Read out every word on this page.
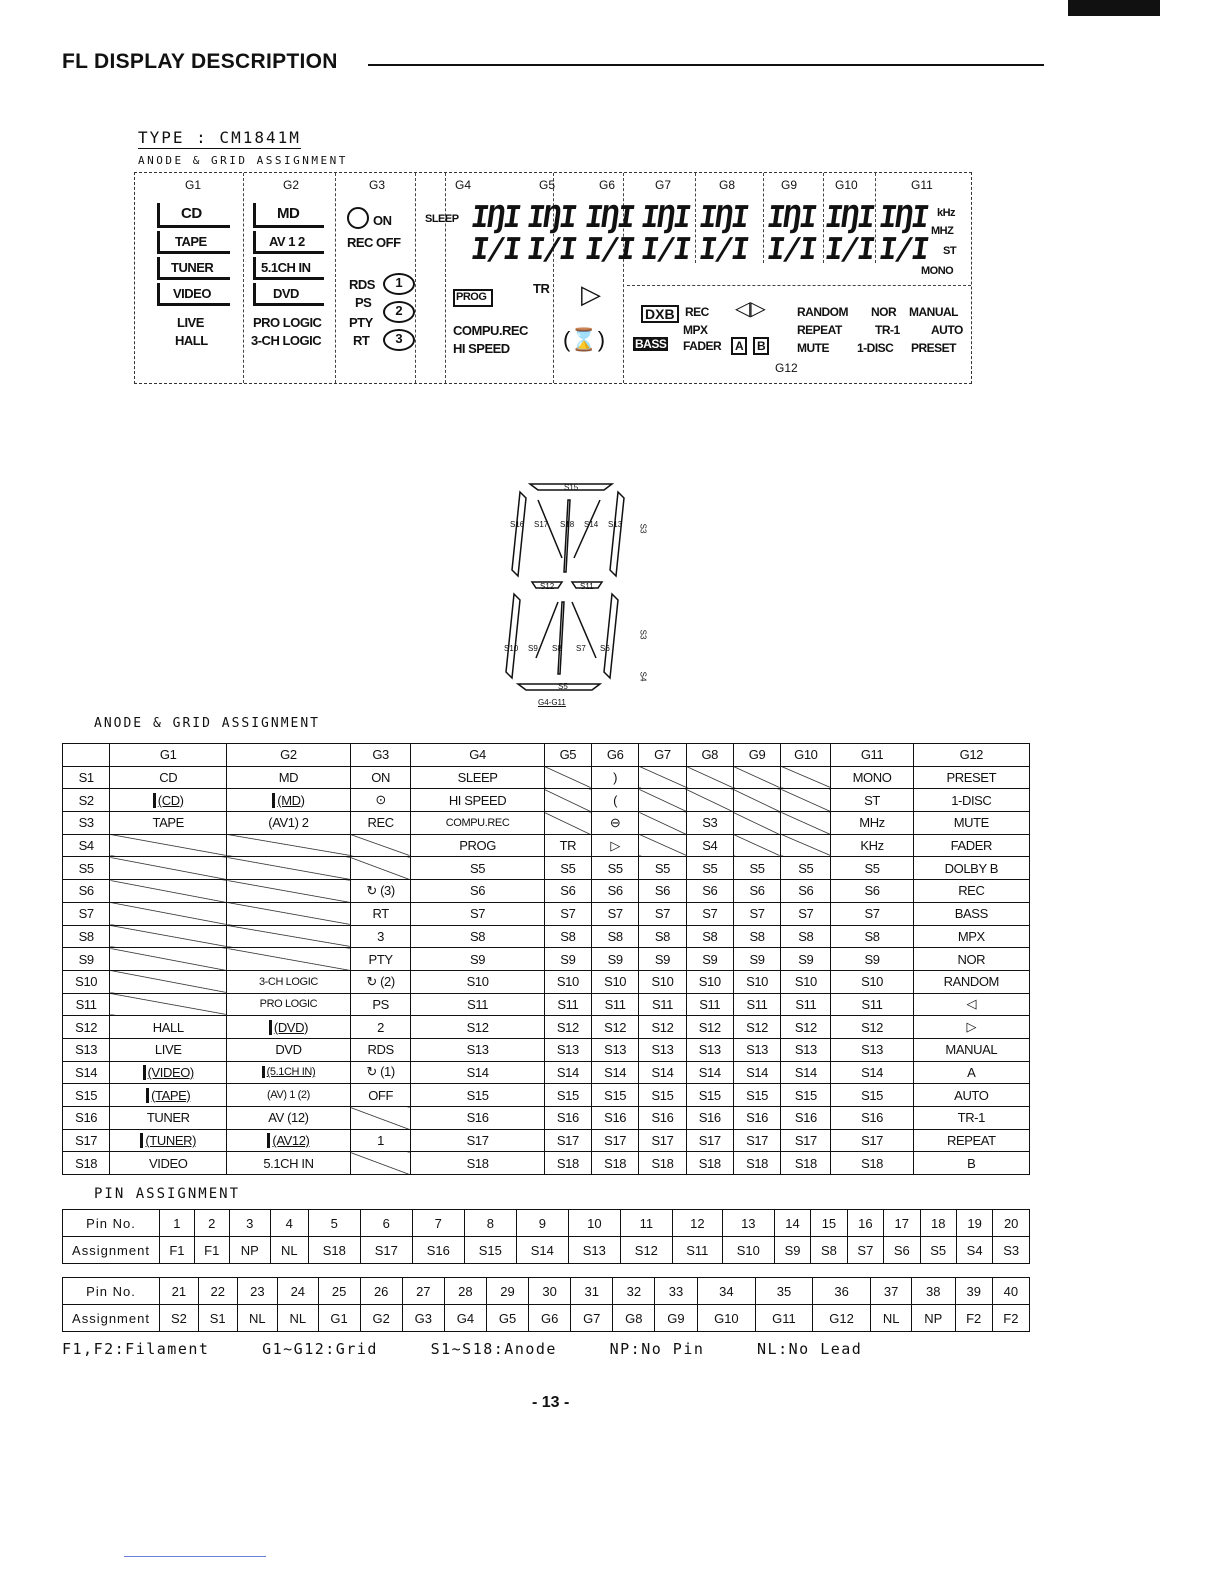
FL DISPLAY DESCRIPTION
TYPE : CM1841M
ANODE & GRID ASSIGNMENT
G1	G2	G3	G4	G5	G6	G7	G8	G9	G10	G11
CD
TAPE
TUNER
VIDEO
LIVE
HALL
MD
AV 1 2
5.1CH IN
DVD
PRO LOGIC
3-CH LOGIC
ON
REC OFF
RDS
PS
PTY
RT
1
2
3
SLEEP
PROG
COMPU.REC
HI SPEED
TR ▷
(⌛)
IŊI
I∕I
IŊI
I∕I
IŊI
I∕I
IŊI
I∕I
IŊI
I∕I
IŊI
I∕I
IŊI
I∕I
IŊI
I∕I
kHz
MHZ
ST
MONO
DXB REC ◁▷	RANDOM NOR MANUAL
MPX	REPEAT	TR-1	AUTO
BASS FADER	A	B	MUTE 1-DISC PRESET
G12
S15
S16 S17 S18 S14 S13
S12	S11
S10 S9 S8 S7 S6
S5
S3
S3
S4
G4-G11
ANODE & GRID ASSIGNMENT
	G1	G2	G3	G4	G5	G6	G7	G8	G9	G10	G11	G12
S1	CD	MD	ON	SLEEP		)					MONO	PRESET
S2	(CD)	(MD)	⊙	HI SPEED		(					ST	1-DISC
S3	TAPE	(AV1) 2	REC	COMPU.REC		⊖		S3			MHz	MUTE
S4				PROG	TR	▷		S4			KHz	FADER
S5				S5	S5	S5	S5	S5	S5	S5	S5	DOLBY B
S6			↻ (3)	S6	S6	S6	S6	S6	S6	S6	S6	REC
S7			RT	S7	S7	S7	S7	S7	S7	S7	S7	BASS
S8			3	S8	S8	S8	S8	S8	S8	S8	S8	MPX
S9			PTY	S9	S9	S9	S9	S9	S9	S9	S9	NOR
S10		3-CH LOGIC	↻ (2)	S10	S10	S10	S10	S10	S10	S10	S10	RANDOM
S11		PRO LOGIC	PS	S11	S11	S11	S11	S11	S11	S11	S11	◁
S12	HALL	(DVD)	2	S12	S12	S12	S12	S12	S12	S12	S12	▷
S13	LIVE	DVD	RDS	S13	S13	S13	S13	S13	S13	S13	S13	MANUAL
S14	(VIDEO)	(5.1CH IN)	↻ (1)	S14	S14	S14	S14	S14	S14	S14	S14	A
S15	(TAPE)	(AV) 1 (2)	OFF	S15	S15	S15	S15	S15	S15	S15	S15	AUTO
S16	TUNER	AV (12)		S16	S16	S16	S16	S16	S16	S16	S16	TR-1
S17	(TUNER)	(AV12)	1	S17	S17	S17	S17	S17	S17	S17	S17	REPEAT
S18	VIDEO	5.1CH IN		S18	S18	S18	S18	S18	S18	S18	S18	B
PIN ASSIGNMENT
Pin No.	1	2	3	4	5	6	7	8	9	10	11	12	13	14	15	16	17	18	19	20
Assignment	F1	F1	NP	NL	S18	S17	S16	S15	S14	S13	S12	S11	S10	S9	S8	S7	S6	S5	S4	S3
Pin No.	21	22	23	24	25	26	27	28	29	30	31	32	33	34	35	36	37	38	39	40
Assignment	S2	S1	NL	NL	G1	G2	G3	G4	G5	G6	G7	G8	G9	G10	G11	G12	NL	NP	F2	F2
F1,F2:Filament     G1~G12:Grid     S1~S18:Anode     NP:No Pin     NL:No Lead
- 13 -
